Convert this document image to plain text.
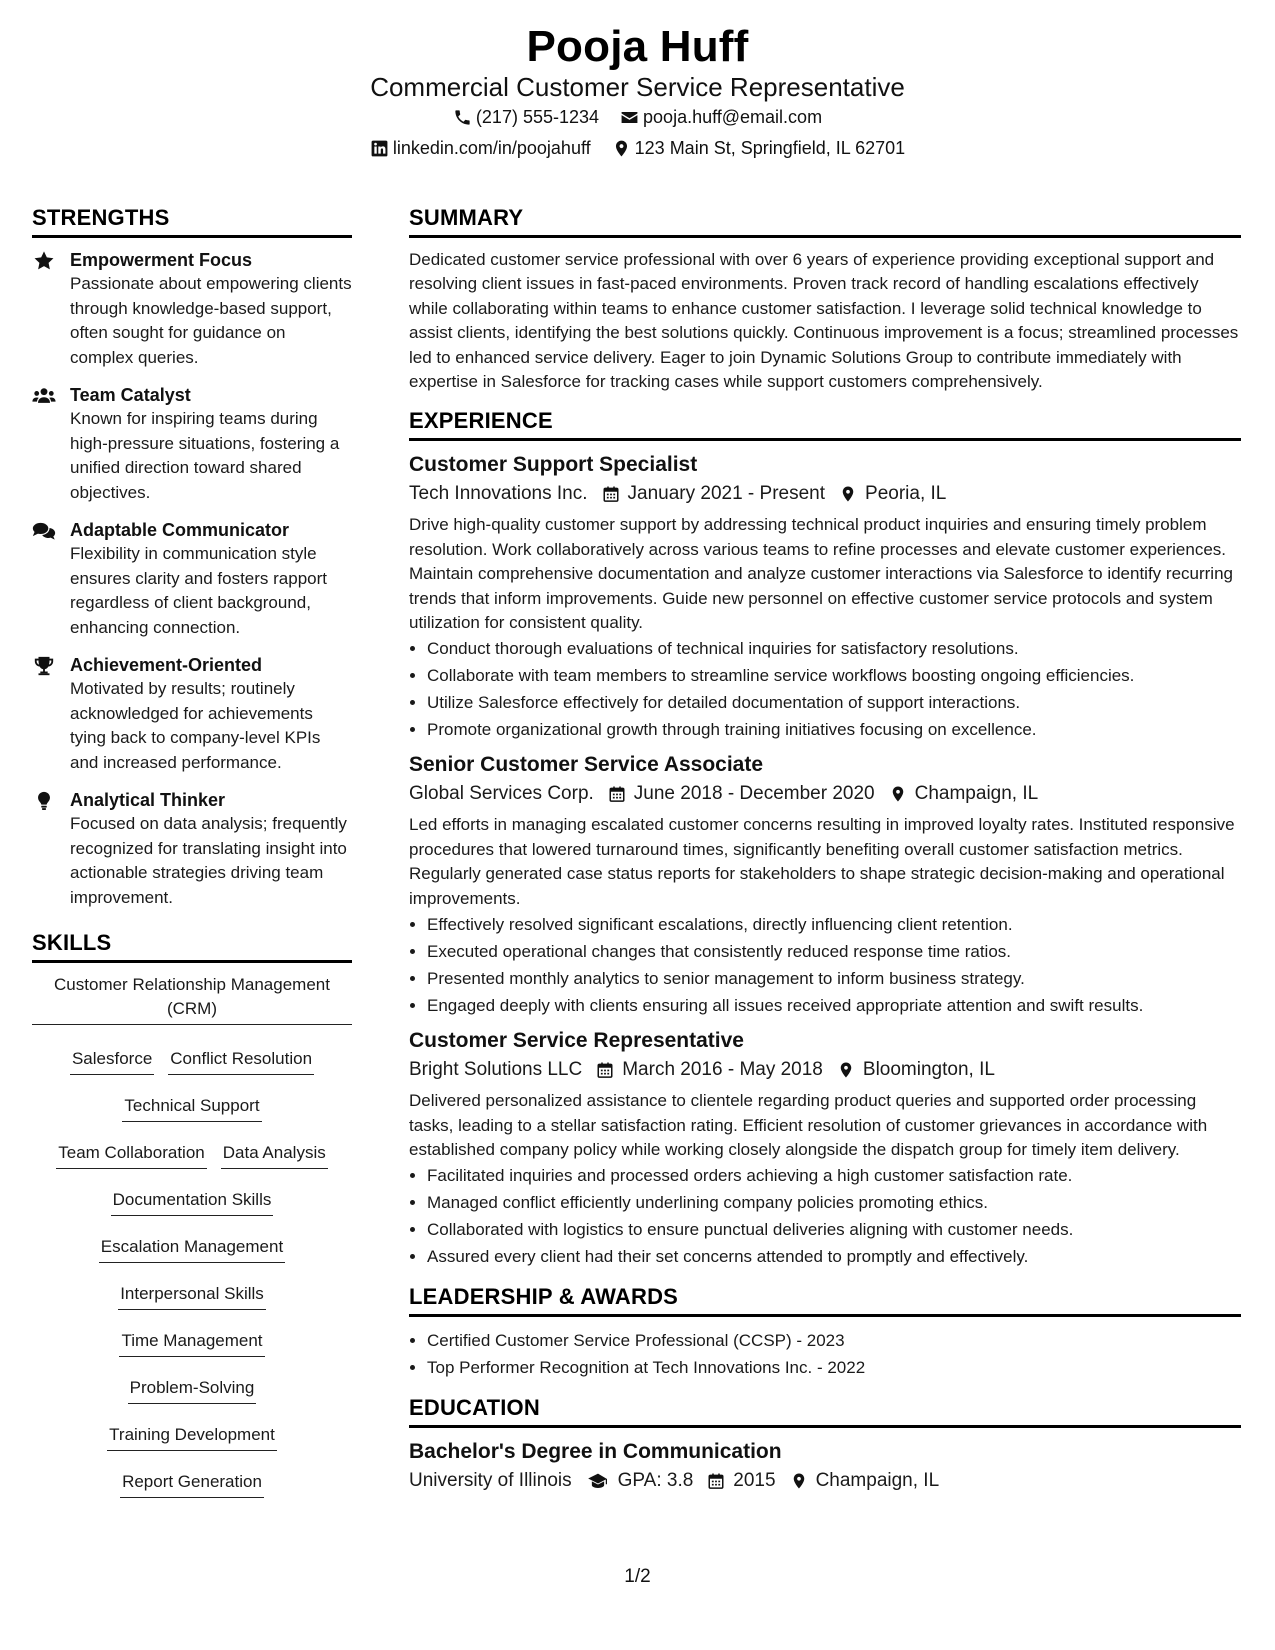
Pooja Huff
Commercial Customer Service Representative
(217) 555-1234
pooja.huff@email.com
linkedin.com/in/poojahuff
123 Main St, Springfield, IL 62701
STRENGTHS
Empowerment Focus
Passionate about empowering clients through knowledge-based support, often sought for guidance on complex queries.
Team Catalyst
Known for inspiring teams during high-pressure situations, fostering a unified direction toward shared objectives.
Adaptable Communicator
Flexibility in communication style ensures clarity and fosters rapport regardless of client background, enhancing connection.
Achievement-Oriented
Motivated by results; routinely acknowledged for achievements tying back to company-level KPIs and increased performance.
Analytical Thinker
Focused on data analysis; frequently recognized for translating insight into actionable strategies driving team improvement.
SKILLS
Customer Relationship Management (CRM)
Salesforce Conflict Resolution
Technical Support
Team Collaboration Data Analysis
Documentation Skills
Escalation Management
Interpersonal Skills
Time Management
Problem-Solving
Training Development
Report Generation
SUMMARY

Dedicated customer service professional with over 6 years of experience providing exceptional support and resolving client issues in fast-paced environments. Proven track record of handling escalations effectively while collaborating within teams to enhance customer satisfaction. I leverage solid technical knowledge to assist clients, identifying the best solutions quickly. Continuous improvement is a focus; streamlined processes led to enhanced service delivery. Eager to join Dynamic Solutions Group to contribute immediately with expertise in Salesforce for tracking cases while support customers comprehensively.

EXPERIENCE
Customer Support Specialist
Tech Innovations Inc. January 2021 - Present Peoria, IL

Drive high-quality customer support by addressing technical product inquiries and ensuring timely problem resolution. Work collaboratively across various teams to refine processes and elevate customer experiences. Maintain comprehensive documentation and analyze customer interactions via Salesforce to identify recurring trends that inform improvements. Guide new personnel on effective customer service protocols and system utilization for consistent quality.

• Conduct thorough evaluations of technical inquiries for satisfactory resolutions.
• Collaborate with team members to streamline service workflows boosting ongoing efficiencies.
• Utilize Salesforce effectively for detailed documentation of support interactions.
• Promote organizational growth through training initiatives focusing on excellence.
Senior Customer Service Associate
Global Services Corp. June 2018 - December 2020 Champaign, IL

Led efforts in managing escalated customer concerns resulting in improved loyalty rates. Instituted responsive procedures that lowered turnaround times, significantly benefiting overall customer satisfaction metrics. Regularly generated case status reports for stakeholders to shape strategic decision-making and operational improvements.

• Effectively resolved significant escalations, directly influencing client retention.
• Executed operational changes that consistently reduced response time ratios.
• Presented monthly analytics to senior management to inform business strategy.
• Engaged deeply with clients ensuring all issues received appropriate attention and swift results.
Customer Service Representative
Bright Solutions LLC March 2016 - May 2018 Bloomington, IL

Delivered personalized assistance to clientele regarding product queries and supported order processing tasks, leading to a stellar satisfaction rating. Efficient resolution of customer grievances in accordance with established company policy while working closely alongside the dispatch group for timely item delivery.

• Facilitated inquiries and processed orders achieving a high customer satisfaction rate.
• Managed conflict efficiently underlining company policies promoting ethics.
• Collaborated with logistics to ensure punctual deliveries aligning with customer needs.
• Assured every client had their set concerns attended to promptly and effectively.
LEADERSHIP & AWARDS
• Certified Customer Service Professional (CCSP) - 2023
• Top Performer Recognition at Tech Innovations Inc. - 2022
EDUCATION
Bachelor's Degree in Communication
University of Illinois GPA: 3.8 2015 Champaign, IL
1/2
